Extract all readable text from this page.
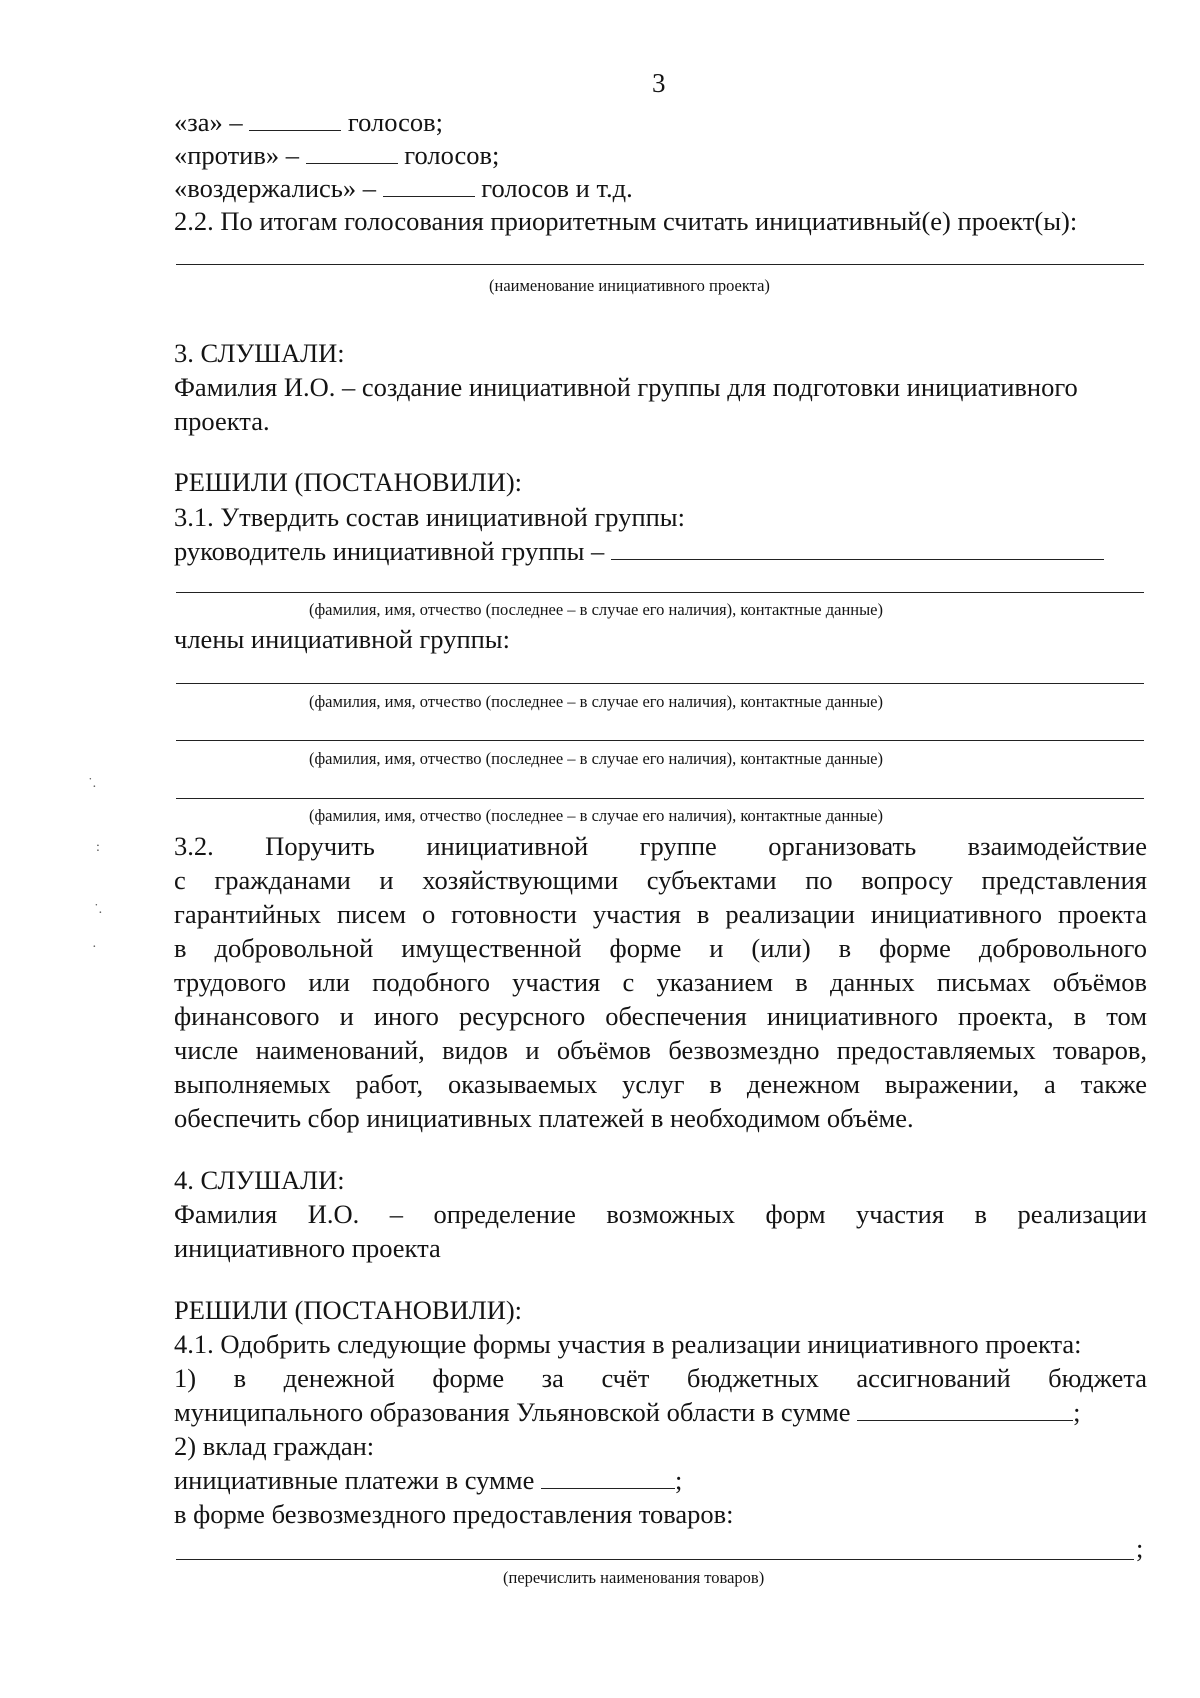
3
«за» –	голосов;
«против» –	голосов;
«воздержались» –	голосов и т.д.
2.2. По итогам голосования приоритетным считать инициативный(е) проект(ы):
(наименование инициативного проекта)
3. СЛУШАЛИ:
Фамилия И.О. – создание инициативной группы для подготовки инициативного
проекта.
РЕШИЛИ (ПОСТАНОВИЛИ):
3.1. Утвердить состав инициативной группы:
руководитель инициативной группы –
(фамилия, имя, отчество (последнее – в случае его наличия), контактные данные)
члены инициативной группы:
(фамилия, имя, отчество (последнее – в случае его наличия), контактные данные)
(фамилия, имя, отчество (последнее – в случае его наличия), контактные данные)
(фамилия, имя, отчество (последнее – в случае его наличия), контактные данные)
3.2. Поручить инициативной группе организовать взаимодействие
с гражданами и хозяйствующими субъектами по вопросу представления
гарантийных писем о готовности участия в реализации инициативного проекта
в добровольной имущественной форме и (или) в форме добровольного
трудового или подобного участия с указанием в данных письмах объёмов
финансового и иного ресурсного обеспечения инициативного проекта, в том
числе наименований, видов и объёмов безвозмездно предоставляемых товаров,
выполняемых работ, оказываемых услуг в денежном выражении, а также
обеспечить сбор инициативных платежей в необходимом объёме.
4. СЛУШАЛИ:
Фамилия И.О. – определение возможных форм участия в реализации
инициативного проекта
РЕШИЛИ (ПОСТАНОВИЛИ):
4.1. Одобрить следующие формы участия в реализации инициативного проекта:
1) в денежной форме за счёт бюджетных ассигнований бюджета
муниципального образования Ульяновской области в сумме	;
2) вклад граждан:
инициативные платежи в сумме	;
в форме безвозмездного предоставления товаров:
;
(перечислить наименования товаров)
˙.
:
˙.
·
